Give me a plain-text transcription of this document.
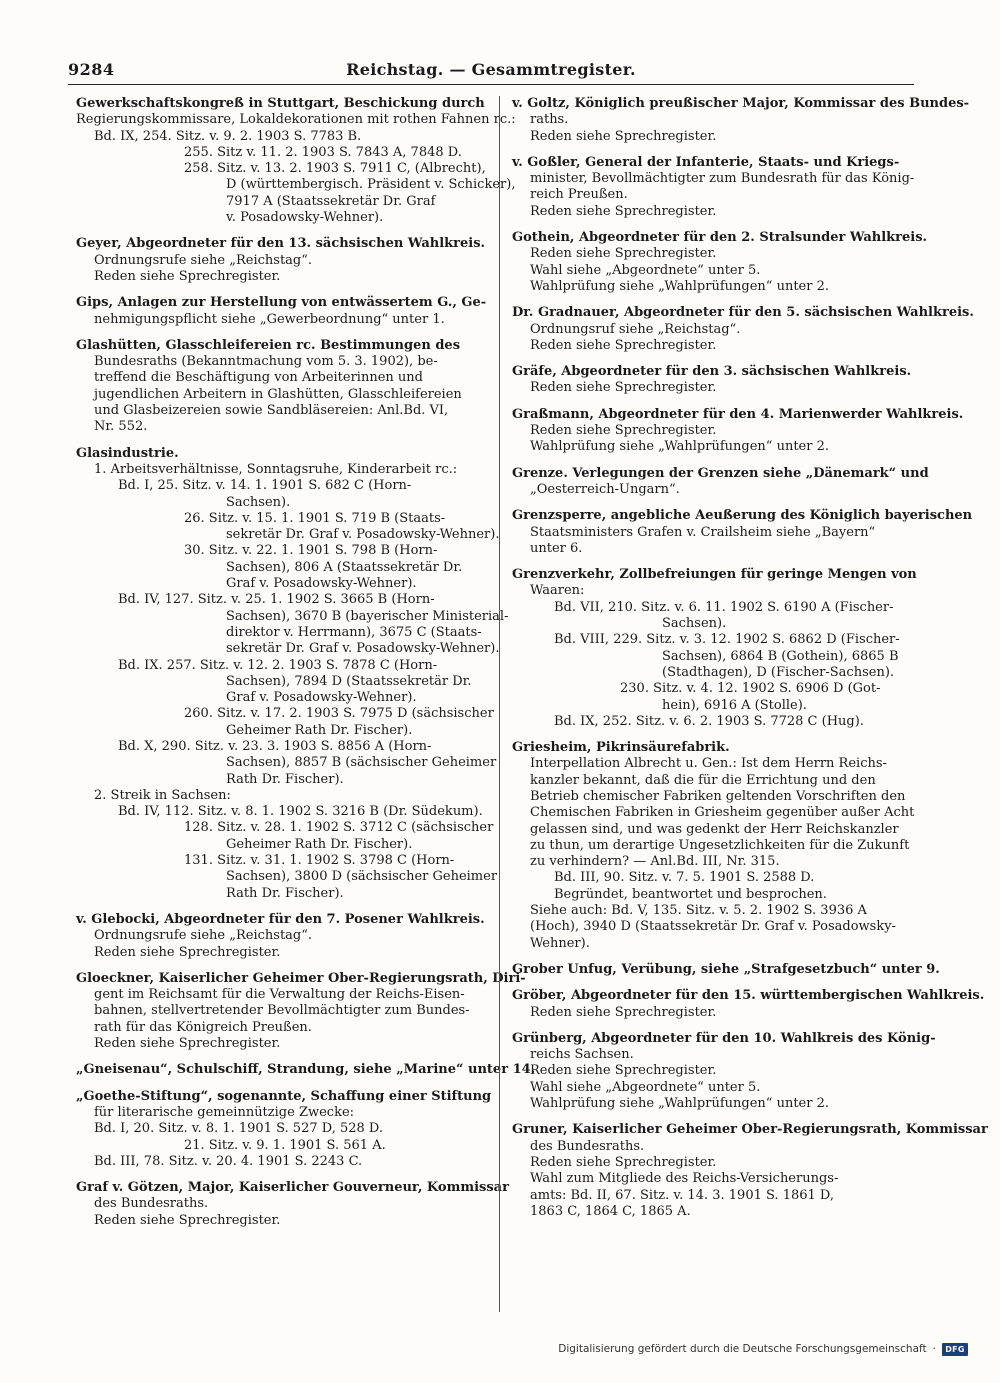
9284	Reichstag. — Gesammtregister.
Gewerkschaftskongreß in Stuttgart, Beschickung durch
Regierungskommissare, Lokaldekorationen mit rothen Fahnen rc.:
Bd. IX, 254. Sitz. v. 9. 2. 1903 S. 7783 B.
255. Sitz v. 11. 2. 1903 S. 7843 A, 7848 D.
258. Sitz. v. 13. 2. 1903 S. 7911 C, (Albrecht),
D (württembergisch. Präsident v. Schicker),
7917 A (Staatssekretär Dr. Graf
v. Posadowsky-Wehner).
Geyer, Abgeordneter für den 13. sächsischen Wahlkreis.
Ordnungsrufe siehe „Reichstag“.
Reden siehe Sprechregister.
Gips, Anlagen zur Herstellung von entwässertem G., Ge-
nehmigungspflicht siehe „Gewerbeordnung“ unter 1.
Glashütten, Glasschleifereien rc. Bestimmungen des
Bundesraths (Bekanntmachung vom 5. 3. 1902), be-
treffend die Beschäftigung von Arbeiterinnen und
jugendlichen Arbeitern in Glashütten, Glasschleifereien
und Glasbeizereien sowie Sandbläsereien: Anl.Bd. VI,
Nr. 552.
Glasindustrie.
1. Arbeitsverhältnisse, Sonntagsruhe, Kinderarbeit rc.:
Bd. I, 25. Sitz. v. 14. 1. 1901 S. 682 C (Horn-
Sachsen).
26. Sitz. v. 15. 1. 1901 S. 719 B (Staats-
sekretär Dr. Graf v. Posadowsky-Wehner).
30. Sitz. v. 22. 1. 1901 S. 798 B (Horn-
Sachsen), 806 A (Staatssekretär Dr.
Graf v. Posadowsky-Wehner).
Bd. IV, 127. Sitz. v. 25. 1. 1902 S. 3665 B (Horn-
Sachsen), 3670 B (bayerischer Ministerial-
direktor v. Herrmann), 3675 C (Staats-
sekretär Dr. Graf v. Posadowsky-Wehner).
Bd. IX. 257. Sitz. v. 12. 2. 1903 S. 7878 C (Horn-
Sachsen), 7894 D (Staatssekretär Dr.
Graf v. Posadowsky-Wehner).
260. Sitz. v. 17. 2. 1903 S. 7975 D (sächsischer
Geheimer Rath Dr. Fischer).
Bd. X, 290. Sitz. v. 23. 3. 1903 S. 8856 A (Horn-
Sachsen), 8857 B (sächsischer Geheimer
Rath Dr. Fischer).
2. Streik in Sachsen:
Bd. IV, 112. Sitz. v. 8. 1. 1902 S. 3216 B (Dr. Südekum).
128. Sitz. v. 28. 1. 1902 S. 3712 C (sächsischer
Geheimer Rath Dr. Fischer).
131. Sitz. v. 31. 1. 1902 S. 3798 C (Horn-
Sachsen), 3800 D (sächsischer Geheimer
Rath Dr. Fischer).
v. Glebocki, Abgeordneter für den 7. Posener Wahlkreis.
Ordnungsrufe siehe „Reichstag“.
Reden siehe Sprechregister.
Gloeckner, Kaiserlicher Geheimer Ober-Regierungsrath, Diri-
gent im Reichsamt für die Verwaltung der Reichs-Eisen-
bahnen, stellvertretender Bevollmächtigter zum Bundes-
rath für das Königreich Preußen.
Reden siehe Sprechregister.
„Gneisenau“, Schulschiff, Strandung, siehe „Marine“ unter 14.
„Goethe-Stiftung“, sogenannte, Schaffung einer Stiftung
für literarische gemeinnützige Zwecke:
Bd. I, 20. Sitz. v. 8. 1. 1901 S. 527 D, 528 D.
21. Sitz. v. 9. 1. 1901 S. 561 A.
Bd. III, 78. Sitz. v. 20. 4. 1901 S. 2243 C.
Graf v. Götzen, Major, Kaiserlicher Gouverneur, Kommissar
des Bundesraths.
Reden siehe Sprechregister.
v. Goltz, Königlich preußischer Major, Kommissar des Bundes-
raths.
Reden siehe Sprechregister.
v. Goßler, General der Infanterie, Staats- und Kriegs-
minister, Bevollmächtigter zum Bundesrath für das König-
reich Preußen.
Reden siehe Sprechregister.
Gothein, Abgeordneter für den 2. Stralsunder Wahlkreis.
Reden siehe Sprechregister.
Wahl siehe „Abgeordnete“ unter 5.
Wahlprüfung siehe „Wahlprüfungen“ unter 2.
Dr. Gradnauer, Abgeordneter für den 5. sächsischen Wahlkreis.
Ordnungsruf siehe „Reichstag“.
Reden siehe Sprechregister.
Gräfe, Abgeordneter für den 3. sächsischen Wahlkreis.
Reden siehe Sprechregister.
Graßmann, Abgeordneter für den 4. Marienwerder Wahlkreis.
Reden siehe Sprechregister.
Wahlprüfung siehe „Wahlprüfungen“ unter 2.
Grenze. Verlegungen der Grenzen siehe „Dänemark“ und
„Oesterreich-Ungarn“.
Grenzsperre, angebliche Aeußerung des Königlich bayerischen
Staatsministers Grafen v. Crailsheim siehe „Bayern“
unter 6.
Grenzverkehr, Zollbefreiungen für geringe Mengen von
Waaren:
Bd. VII, 210. Sitz. v. 6. 11. 1902 S. 6190 A (Fischer-
Sachsen).
Bd. VIII, 229. Sitz. v. 3. 12. 1902 S. 6862 D (Fischer-
Sachsen), 6864 B (Gothein), 6865 B
(Stadthagen), D (Fischer-Sachsen).
230. Sitz. v. 4. 12. 1902 S. 6906 D (Got-
hein), 6916 A (Stolle).
Bd. IX, 252. Sitz. v. 6. 2. 1903 S. 7728 C (Hug).
Griesheim, Pikrinsäurefabrik.
Interpellation Albrecht u. Gen.: Ist dem Herrn Reichs-
kanzler bekannt, daß die für die Errichtung und den
Betrieb chemischer Fabriken geltenden Vorschriften den
Chemischen Fabriken in Griesheim gegenüber außer Acht
gelassen sind, und was gedenkt der Herr Reichskanzler
zu thun, um derartige Ungesetzlichkeiten für die Zukunft
zu verhindern? — Anl.Bd. III, Nr. 315.
Bd. III, 90. Sitz. v. 7. 5. 1901 S. 2588 D.
Begründet, beantwortet und besprochen.
Siehe auch: Bd. V, 135. Sitz. v. 5. 2. 1902 S. 3936 A
(Hoch), 3940 D (Staatssekretär Dr. Graf v. Posadowsky-
Wehner).
Grober Unfug, Verübung, siehe „Strafgesetzbuch“ unter 9.
Gröber, Abgeordneter für den 15. württembergischen Wahlkreis.
Reden siehe Sprechregister.
Grünberg, Abgeordneter für den 10. Wahlkreis des König-
reichs Sachsen.
Reden siehe Sprechregister.
Wahl siehe „Abgeordnete“ unter 5.
Wahlprüfung siehe „Wahlprüfungen“ unter 2.
Gruner, Kaiserlicher Geheimer Ober-Regierungsrath, Kommissar
des Bundesraths.
Reden siehe Sprechregister.
Wahl zum Mitgliede des Reichs-Versicherungs-
amts: Bd. II, 67. Sitz. v. 14. 3. 1901 S. 1861 D,
1863 C, 1864 C, 1865 A.
Digitalisierung gefördert durch die Deutsche Forschungsgemeinschaft ·	DFG
